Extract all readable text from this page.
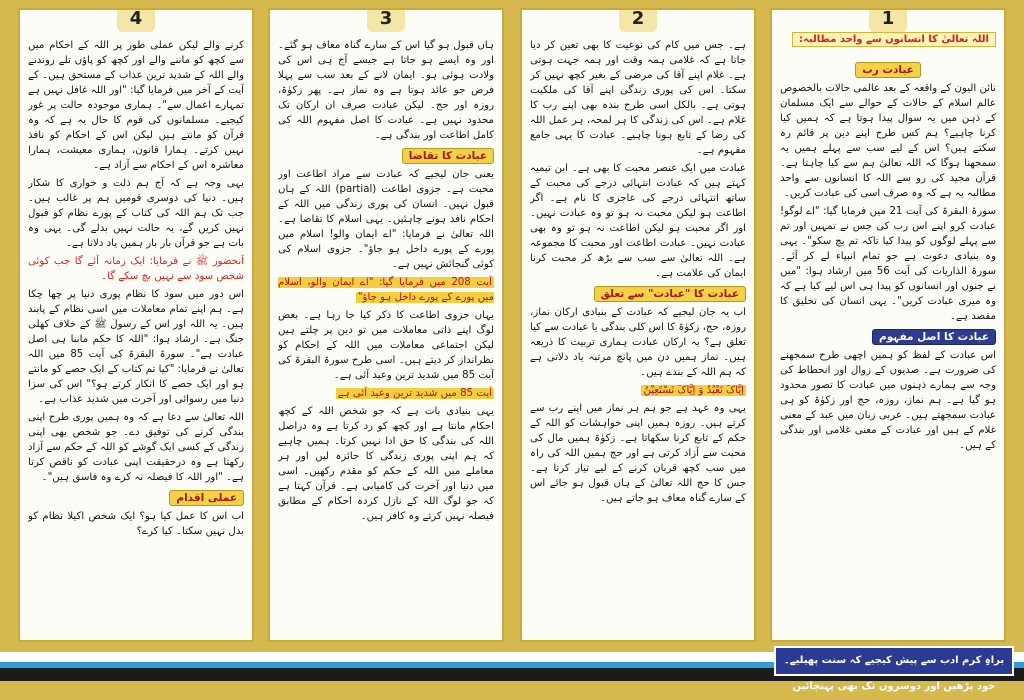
4

کرنے والے لیکن عملی طور پر اللہ کے احکام میں سے کچھ کو ماننے والے اور کچھ کو پاؤں تلے روندنے والے اللہ کے شدید ترین عذاب کے مستحق ہیں۔ کے آیت کے آخر میں فرمایا گیا: "اور اللہ غافل نہیں ہے تمہارے اعمال سے"۔ ہماری موجودہ حالت پر غور کیجیے۔ مسلمانوں کی قوم کا حال یہ ہے کہ وہ قرآن کو مانتے ہیں لیکن اس کے احکام کو نافذ نہیں کرتے۔ ہمارا قانون، ہماری معیشت، ہمارا معاشرہ اس کے احکام سے آزاد ہے۔

یہی وجہ ہے کہ آج ہم ذلت و خواری کا شکار ہیں۔ دنیا کی دوسری قومیں ہم پر غالب ہیں۔ جب تک ہم اللہ کی کتاب کے پورے نظام کو قبول نہیں کریں گے، یہ حالت نہیں بدلے گی۔ یہی وہ بات ہے جو قرآن بار بار ہمیں یاد دلاتا ہے۔

آنحضور ﷺ نے فرمایا: ایک زمانہ آئے گا جب کوئی شخص سود سے نہیں بچ سکے گا۔

اس دور میں سود کا نظام پوری دنیا پر چھا چکا ہے۔ ہم اپنے تمام معاملات میں اسی نظام کے پابند ہیں۔ یہ اللہ اور اس کے رسول ﷺ کے خلاف کھلی جنگ ہے۔ ارشاد ہوا: "اللہ کا حکم ماننا ہی اصل عبادت ہے"۔ سورۃ البقرۃ کی آیت 85 میں اللہ تعالیٰ نے فرمایا: "کیا تم کتاب کے ایک حصے کو مانتے ہو اور ایک حصے کا انکار کرتے ہو؟" اس کی سزا دنیا میں رسوائی اور آخرت میں شدید عذاب ہے۔

اللہ تعالیٰ سے دعا ہے کہ وہ ہمیں پوری طرح اپنی بندگی کرنے کی توفیق دے۔ جو شخص بھی اپنی زندگی کے کسی ایک گوشے کو اللہ کے حکم سے آزاد رکھتا ہے وہ درحقیقت اپنی عبادت کو ناقص کرتا ہے۔ "اور اللہ کا فیصلہ نہ کرے وہ فاسق ہیں"۔

عملی اقدام

اب اس کا عمل کیا ہو؟ ایک شخص اکیلا نظام کو بدل نہیں سکتا۔ کیا کرے؟

3

ہاں قبول ہو گیا اس کے سارے گناہ معاف ہو گئے۔ اور وہ ایسے ہو جاتا ہے جیسے آج ہی اس کی ولادت ہوئی ہو۔ ایمان لانے کے بعد سب سے پہلا فرض جو عائد ہوتا ہے وہ نماز ہے۔ پھر زکوٰۃ، روزہ اور حج۔ لیکن عبادت صرف ان ارکان تک محدود نہیں ہے۔ عبادت کا اصل مفہوم اللہ کی کامل اطاعت اور بندگی ہے۔

عبادت کا تقاضا

یعنی جان لیجیے کہ عبادت سے مراد اطاعت اور محبت ہے۔ جزوی اطاعت (partial) اللہ کے ہاں قبول نہیں۔ انسان کی پوری زندگی میں اللہ کے احکام نافذ ہونے چاہئیں۔ یہی اسلام کا تقاضا ہے۔ اللہ تعالیٰ نے فرمایا: "اے ایمان والو! اسلام میں پورے کے پورے داخل ہو جاؤ"۔ جزوی اسلام کی کوئی گنجائش نہیں ہے۔

آیت 208 میں فرمایا گیا: "اے ایمان والو، اسلام میں پورے کے پورے داخل ہو جاؤ"

یہاں جزوی اطاعت کا ذکر کیا جا رہا ہے۔ بعض لوگ اپنے ذاتی معاملات میں تو دین پر چلتے ہیں لیکن اجتماعی معاملات میں اللہ کے احکام کو نظرانداز کر دیتے ہیں۔ اسی طرح سورۃ البقرۃ کی آیت 85 میں شدید ترین وعید آئی ہے۔

آیت 85 میں شدید ترین وعید آئی ہے

یہی بنیادی بات ہے کہ جو شخص اللہ کے کچھ احکام مانتا ہے اور کچھ کو رد کرتا ہے وہ دراصل اللہ کی بندگی کا حق ادا نہیں کرتا۔ ہمیں چاہیے کہ ہم اپنی پوری زندگی کا جائزہ لیں اور ہر معاملے میں اللہ کے حکم کو مقدم رکھیں۔ اسی میں دنیا اور آخرت کی کامیابی ہے۔ قرآن کہتا ہے کہ جو لوگ اللہ کے نازل کردہ احکام کے مطابق فیصلہ نہیں کرتے وہ کافر ہیں۔

2

ہے۔ جس میں کام کی نوعیت کا بھی تعین کر دیا جاتا ہے کہ غلامی ہمہ وقت اور ہمہ جہت ہوتی ہے۔ غلام اپنے آقا کی مرضی کے بغیر کچھ نہیں کر سکتا۔ اس کی پوری زندگی اپنے آقا کی ملکیت ہوتی ہے۔ بالکل اسی طرح بندہ بھی اپنے رب کا غلام ہے۔ اس کی زندگی کا ہر لمحہ، ہر عمل اللہ کی رضا کے تابع ہونا چاہیے۔ عبادت کا یہی جامع مفہوم ہے۔

عبادت میں ایک عنصر محبت کا بھی ہے۔ ابن تیمیہ کہتے ہیں کہ عبادت انتہائی درجے کی محبت کے ساتھ انتہائی درجے کی عاجزی کا نام ہے۔ اگر اطاعت ہو لیکن محبت نہ ہو تو وہ عبادت نہیں۔ اور اگر محبت ہو لیکن اطاعت نہ ہو تو وہ بھی عبادت نہیں۔ عبادت اطاعت اور محبت کا مجموعہ ہے۔ اللہ تعالیٰ سے سب سے بڑھ کر محبت کرنا ایمان کی علامت ہے۔

عبادت کا "عبادت" سے تعلق

اب یہ جان لیجیے کہ عبادت کے بنیادی ارکان نماز، روزہ، حج، زکوٰۃ کا اس کلی بندگی یا عبادت سے کیا تعلق ہے؟ یہ ارکان عبادت ہماری تربیت کا ذریعہ ہیں۔ نماز ہمیں دن میں پانچ مرتبہ یاد دلاتی ہے کہ ہم اللہ کے بندے ہیں۔

اِیَّاکَ نَعْبُدُ وَ اِیَّاکَ نَسْتَعِیْنُ

یہی وہ عہد ہے جو ہم ہر نماز میں اپنے رب سے کرتے ہیں۔ روزہ ہمیں اپنی خواہشات کو اللہ کے حکم کے تابع کرنا سکھاتا ہے۔ زکوٰۃ ہمیں مال کی محبت سے آزاد کرتی ہے اور حج ہمیں اللہ کی راہ میں سب کچھ قربان کرنے کے لیے تیار کرتا ہے۔ جس کا حج اللہ تعالیٰ کے ہاں قبول ہو جائے اس کے سارے گناہ معاف ہو جاتے ہیں۔

1
اللہ تعالیٰ کا انسانوں سے واحد مطالبہ:
عبادت رب

نائن الیون کے واقعہ کے بعد عالمی حالات بالخصوص عالم اسلام کے حالات کے حوالے سے ایک مسلمان کے ذہن میں یہ سوال پیدا ہوتا ہے کہ ہمیں کیا کرنا چاہیے؟ ہم کس طرح اپنے دین پر قائم رہ سکتے ہیں؟ اس کے لیے سب سے پہلے ہمیں یہ سمجھنا ہوگا کہ اللہ تعالیٰ ہم سے کیا چاہتا ہے۔ قرآن مجید کی رو سے اللہ کا انسانوں سے واحد مطالبہ یہ ہے کہ وہ صرف اسی کی عبادت کریں۔

سورۃ البقرۃ کی آیت 21 میں فرمایا گیا: "اے لوگو! عبادت کرو اپنے اس رب کی جس نے تمہیں اور تم سے پہلے لوگوں کو پیدا کیا تاکہ تم بچ سکو"۔ یہی وہ بنیادی دعوت ہے جو تمام انبیاء لے کر آئے۔ سورۃ الذاریات کی آیت 56 میں ارشاد ہوا: "میں نے جنوں اور انسانوں کو پیدا ہی اس لیے کیا ہے کہ وہ میری عبادت کریں"۔ یہی انسان کی تخلیق کا مقصد ہے۔

عبادت کا اصل مفہوم

اس عبادت کے لفظ کو ہمیں اچھی طرح سمجھنے کی ضرورت ہے۔ صدیوں کے زوال اور انحطاط کی وجہ سے ہمارے ذہنوں میں عبادت کا تصور محدود ہو گیا ہے۔ ہم نماز، روزہ، حج اور زکوٰۃ کو ہی عبادت سمجھتے ہیں۔ عربی زبان میں عبد کے معنی غلام کے ہیں اور عبادت کے معنی غلامی اور بندگی کے ہیں۔

براہِ کرم ادب سے پیش کیجیے کہ سنت پھیلیے۔ خود پڑھیں اور دوسروں تک بھی پہنچائیں
